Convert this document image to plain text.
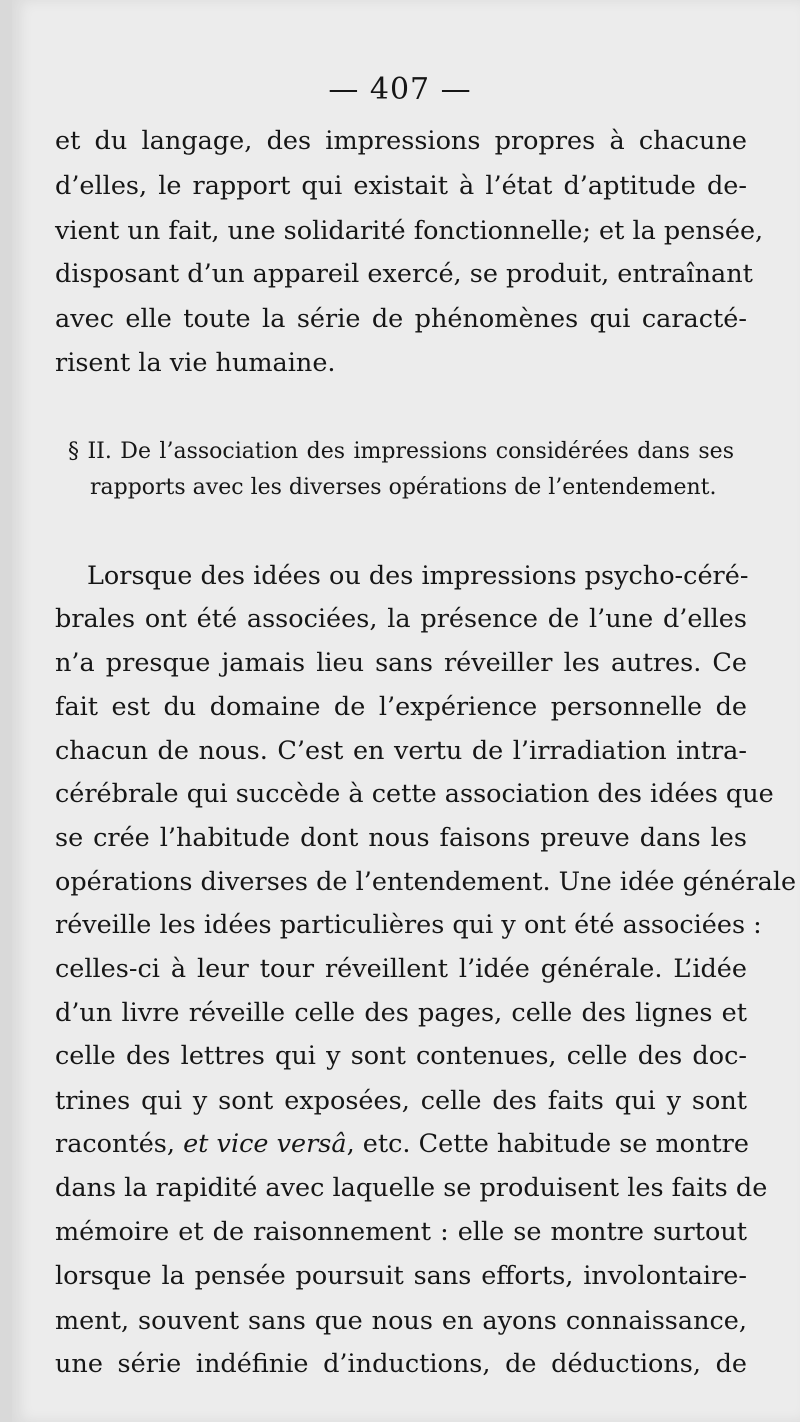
— 407 —
et du langage, des impressions propres à chacune
d’elles, le rapport qui existait à l’état d’aptitude de-
vient un fait, une solidarité fonctionnelle; et la pensée,
disposant d’un appareil exercé, se produit, entraînant
avec elle toute la série de phénomènes qui caracté-
risent la vie humaine.
§ II. De l’association des impressions considérées dans ses
rapports avec les diverses opérations de l’entendement.
Lorsque des idées ou des impressions psycho-céré-
brales ont été associées, la présence de l’une d’elles
n’a presque jamais lieu sans réveiller les autres. Ce
fait est du domaine de l’expérience personnelle de
chacun de nous. C’est en vertu de l’irradiation intra-
cérébrale qui succède à cette association des idées que
se crée l’habitude dont nous faisons preuve dans les
opérations diverses de l’entendement. Une idée générale
réveille les idées particulières qui y ont été associées :
celles-ci à leur tour réveillent l’idée générale. L’idée
d’un livre réveille celle des pages, celle des lignes et
celle des lettres qui y sont contenues, celle des doc-
trines qui y sont exposées, celle des faits qui y sont
racontés, et vice versâ, etc. Cette habitude se montre
dans la rapidité avec laquelle se produisent les faits de
mémoire et de raisonnement : elle se montre surtout
lorsque la pensée poursuit sans efforts, involontaire-
ment, souvent sans que nous en ayons connaissance,
une série indéfinie d’inductions, de déductions, de
